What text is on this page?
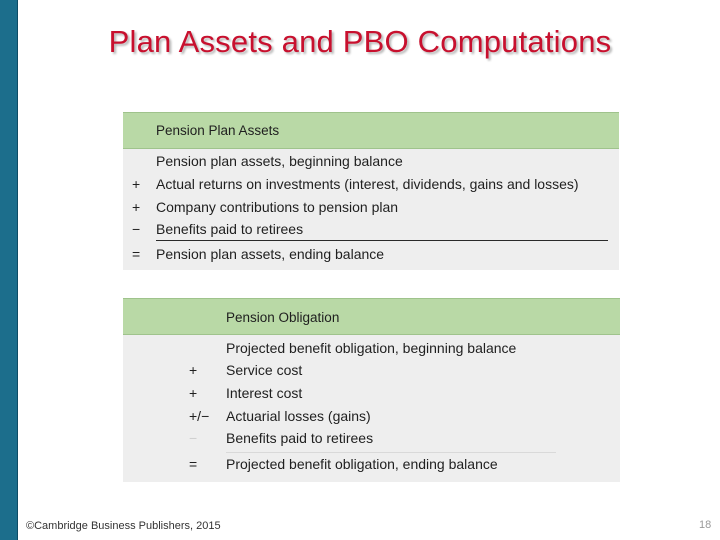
Plan Assets and PBO Computations
Pension Plan Assets
Pension plan assets, beginning balance
+ Actual returns on investments (interest, dividends, gains and losses)
+ Company contributions to pension plan
− Benefits paid to retirees
= Pension plan assets, ending balance
Pension Obligation
Projected benefit obligation, beginning balance
+ Service cost
+ Interest cost
+/− Actuarial losses (gains)
− Benefits paid to retirees
= Projected benefit obligation, ending balance
©Cambridge Business Publishers, 2015	18
